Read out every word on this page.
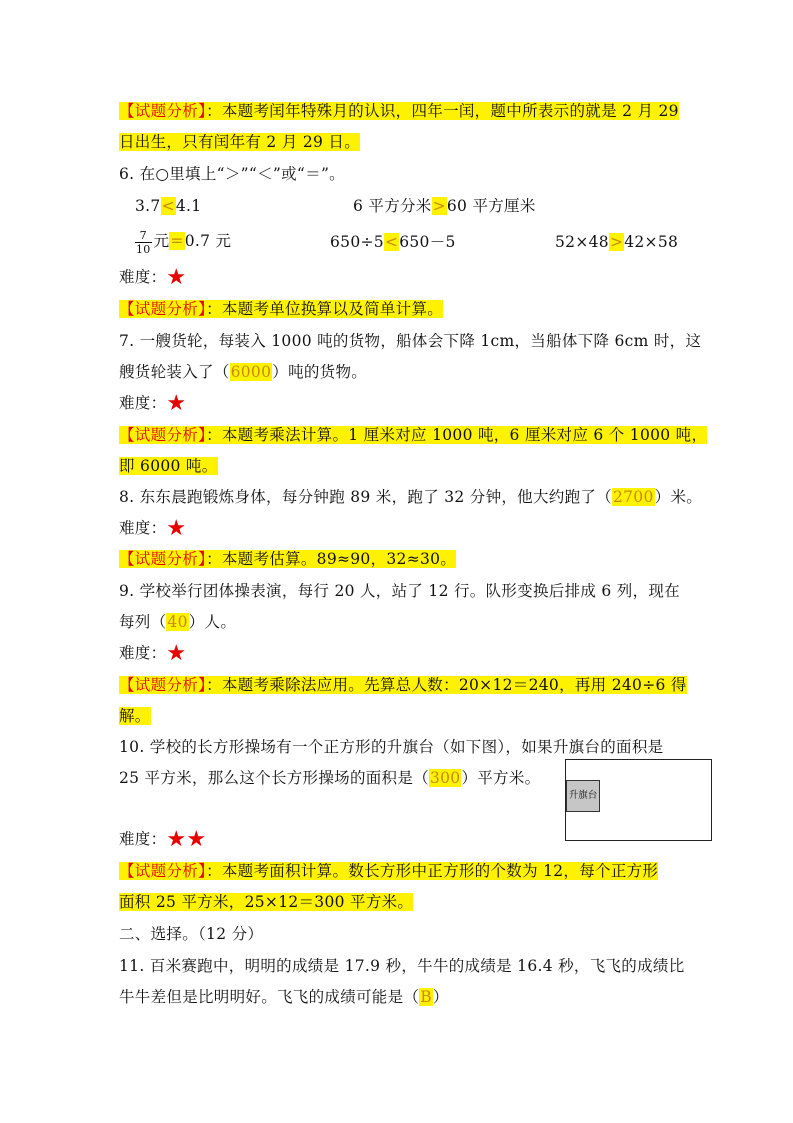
【试题分析】：本题考闰年特殊月的认识，四年一闰，题中所表示的就是 2 月 29
日出生，只有闰年有 2 月 29 日。
6. 在○里填上“＞”“＜”或“＝”。
3.7<4.1	6 平方分米>60 平方厘米
$\frac{7}{10}$ 元=0.7 元	650÷5<650－5	52×48>42×58
难度：★
【试题分析】：本题考单位换算以及简单计算。
7. 一艘货轮，每装入 1000 吨的货物，船体会下降 1cm，当船体下降 6cm 时，这
艘货轮装入了（6000）吨的货物。
难度：★
【试题分析】：本题考乘法计算。1 厘米对应 1000 吨，6 厘米对应 6 个 1000 吨，
即 6000 吨。
8. 东东晨跑锻炼身体，每分钟跑 89 米，跑了 32 分钟，他大约跑了（2700）米。
难度：★
【试题分析】：本题考估算。89≈90，32≈30。
9. 学校举行团体操表演，每行 20 人，站了 12 行。队形变换后排成 6 列，现在
每列（40）人。
难度：★
【试题分析】：本题考乘除法应用。先算总人数：20×12＝240，再用 240÷6 得
解。
10. 学校的长方形操场有一个正方形的升旗台（如下图），如果升旗台的面积是
25 平方米，那么这个长方形操场的面积是（300）平方米。
升旗台
难度：★★
【试题分析】：本题考面积计算。数长方形中正方形的个数为 12，每个正方形
面积 25 平方米，25×12＝300 平方米。
二、选择。（12 分）
11. 百米赛跑中，明明的成绩是 17.9 秒，牛牛的成绩是 16.4 秒，飞飞的成绩比
牛牛差但是比明明好。飞飞的成绩可能是（B）
